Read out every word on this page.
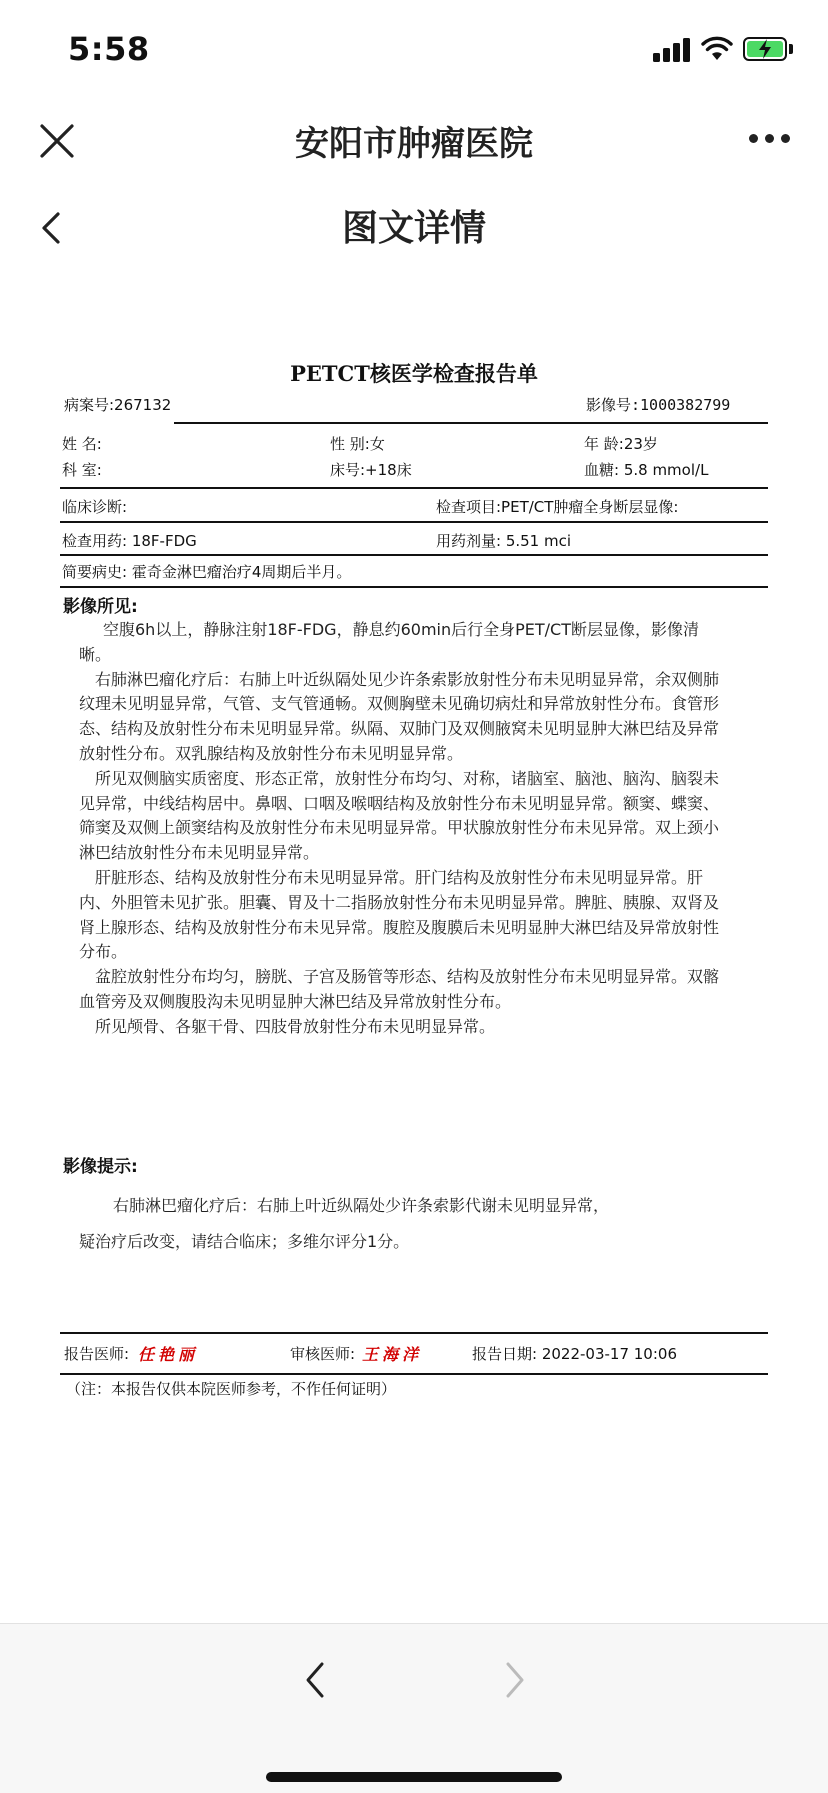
5:58
安阳市肿瘤医院
图文详情
PETCT核医学检查报告单
病案号:267132	影像号:1000382799
姓 名:	性 别:女	年 龄:23岁
科 室:	床号:+18床	血糖: 5.8 mmol/L
临床诊断:	检查项目:PET/CT肿瘤全身断层显像:
检查用药: 18F-FDG	用药剂量: 5.51 mci
简要病史: 霍奇金淋巴瘤治疗4周期后半月。
影像所见:

空腹6h以上，静脉注射18F-FDG，静息约60min后行全身PET/CT断层显像，影像清晰。

右肺淋巴瘤化疗后：右肺上叶近纵隔处见少许条索影放射性分布未见明显异常，余双侧肺纹理未见明显异常，气管、支气管通畅。双侧胸壁未见确切病灶和异常放射性分布。食管形态、结构及放射性分布未见明显异常。纵隔、双肺门及双侧腋窝未见明显肿大淋巴结及异常放射性分布。双乳腺结构及放射性分布未见明显异常。

所见双侧脑实质密度、形态正常，放射性分布均匀、对称，诸脑室、脑池、脑沟、脑裂未见异常，中线结构居中。鼻咽、口咽及喉咽结构及放射性分布未见明显异常。额窦、蝶窦、筛窦及双侧上颌窦结构及放射性分布未见明显异常。甲状腺放射性分布未见异常。双上颈小淋巴结放射性分布未见明显异常。

肝脏形态、结构及放射性分布未见明显异常。肝门结构及放射性分布未见明显异常。肝内、外胆管未见扩张。胆囊、胃及十二指肠放射性分布未见明显异常。脾脏、胰腺、双肾及肾上腺形态、结构及放射性分布未见异常。腹腔及腹膜后未见明显肿大淋巴结及异常放射性分布。

盆腔放射性分布均匀，膀胱、子宫及肠管等形态、结构及放射性分布未见明显异常。双髂血管旁及双侧腹股沟未见明显肿大淋巴结及异常放射性分布。

所见颅骨、各躯干骨、四肢骨放射性分布未见明显异常。

影像提示:

右肺淋巴瘤化疗后：右肺上叶近纵隔处少许条索影代谢未见明显异常，

疑治疗后改变，请结合临床；多维尔评分1分。

报告医师: 任艳丽	审核医师: 王海洋	报告日期: 2022-03-17 10:06
（注：本报告仅供本院医师参考，不作任何证明）
